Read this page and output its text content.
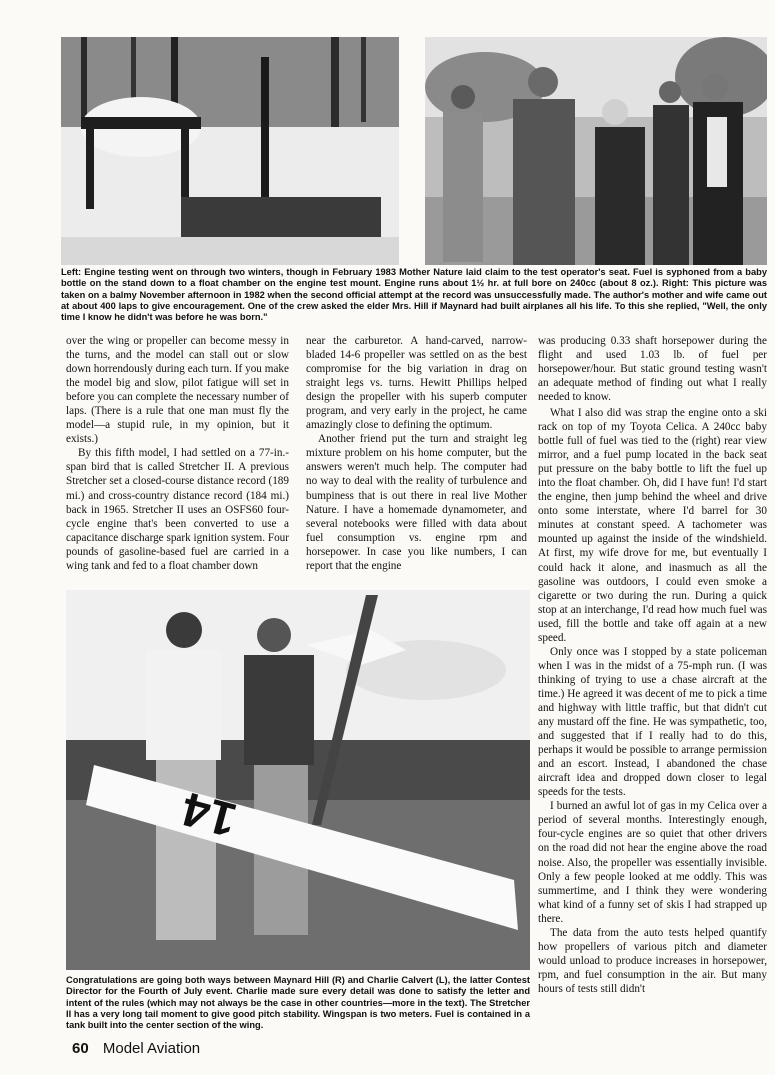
Left: Engine testing went on through two winters, though in February 1983 Mother Nature laid claim to the test operator's seat. Fuel is syphoned from a baby bottle on the stand down to a float chamber on the engine test mount. Engine runs about 1½ hr. at full bore on 240cc (about 8 oz.). Right: This picture was taken on a balmy November afternoon in 1982 when the second official attempt at the record was unsuccessfully made. The author's mother and wife came out at about 400 laps to give encouragement. One of the crew asked the elder Mrs. Hill if Maynard had built airplanes all his life. To this she replied, "Well, the only time I know he didn't was before he was born."

over the wing or propeller can become messy in the turns, and the model can stall out or slow down horrendously during each turn. If you make the model big and slow, pilot fatigue will set in before you can complete the necessary number of laps. (There is a rule that one man must fly the model—a stupid rule, in my opinion, but it exists.)

By this fifth model, I had settled on a 77-in.-span bird that is called Stretcher II. A previous Stretcher set a closed-course distance record (189 mi.) and cross-country distance record (184 mi.) back in 1965. Stretcher II uses an OSFS60 four-cycle engine that's been converted to use a capacitance discharge spark ignition system. Four pounds of gasoline-based fuel are carried in a wing tank and fed to a float chamber down

near the carburetor. A hand-carved, narrow-bladed 14-6 propeller was settled on as the best compromise for the big variation in drag on straight legs vs. turns. Hewitt Phillips helped design the propeller with his superb computer program, and very early in the project, he came amazingly close to defining the optimum.

Another friend put the turn and straight leg mixture problem on his home computer, but the answers weren't much help. The computer had no way to deal with the reality of turbulence and bumpiness that is out there in real live Mother Nature. I have a homemade dynamometer, and several notebooks were filled with data about fuel consumption vs. engine rpm and horsepower. In case you like numbers, I can report that the engine

was producing 0.33 shaft horsepower during the flight and used 1.03 lb. of fuel per horsepower/hour. But static ground testing wasn't an adequate method of finding out what I really needed to know.

What I also did was strap the engine onto a ski rack on top of my Toyota Celica. A 240cc baby bottle full of fuel was tied to the (right) rear view mirror, and a fuel pump located in the back seat put pressure on the baby bottle to lift the fuel up into the float chamber. Oh, did I have fun! I'd start the engine, then jump behind the wheel and drive onto some interstate, where I'd barrel for 30 minutes at constant speed. A tachometer was mounted up against the inside of the windshield. At first, my wife drove for me, but eventually I could hack it alone, and inasmuch as all the gasoline was outdoors, I could even smoke a cigarette or two during the run. During a quick stop at an interchange, I'd read how much fuel was used, fill the bottle and take off again at a new speed.

Only once was I stopped by a state policeman when I was in the midst of a 75-mph run. (I was thinking of trying to use a chase aircraft at the time.) He agreed it was decent of me to pick a time and highway with little traffic, but that didn't cut any mustard off the fine. He was sympathetic, too, and suggested that if I really had to do this, perhaps it would be possible to arrange permission and an escort. Instead, I abandoned the chase aircraft idea and dropped down closer to legal speeds for the tests.

I burned an awful lot of gas in my Celica over a period of several months. Interestingly enough, four-cycle engines are so quiet that other drivers on the road did not hear the engine above the road noise. Also, the propeller was essentially invisible. Only a few people looked at me oddly. This was summertime, and I think they were wondering what kind of a funny set of skis I had strapped up there.

The data from the auto tests helped quantify how propellers of various pitch and diameter would unload to produce increases in horsepower, rpm, and fuel consumption in the air. But many hours of tests still didn't

14
Congratulations are going both ways between Maynard Hill (R) and Charlie Calvert (L), the latter Contest Director for the Fourth of July event. Charlie made sure every detail was done to satisfy the letter and intent of the rules (which may not always be the case in other countries—more in the text). The Stretcher II has a very long tail moment to give good pitch stability. Wingspan is two meters. Fuel is contained in a tank built into the center section of the wing.
60 Model Aviation
